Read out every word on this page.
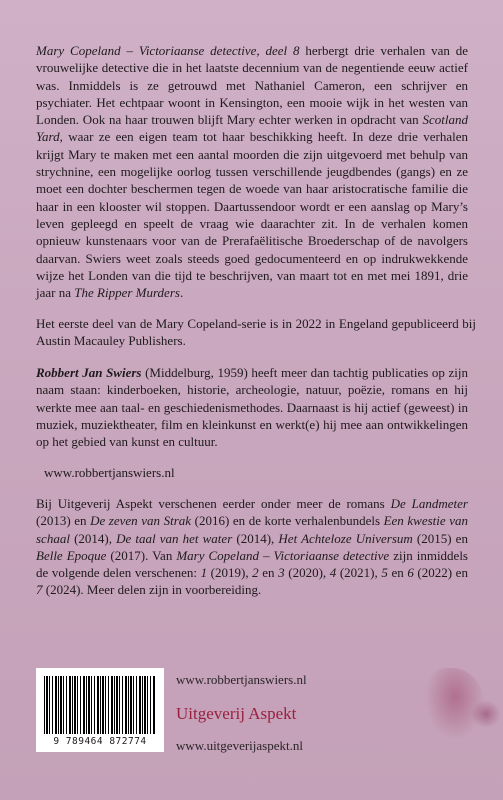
Mary Copeland – Victoriaanse detective, deel 8 herbergt drie verhalen van de vrouwelijke detective die in het laatste decennium van de negentiende eeuw actief was. Inmiddels is ze getrouwd met Nathaniel Cameron, een schrijver en psychiater. Het echtpaar woont in Kensington, een mooie wijk in het westen van Londen. Ook na haar trouwen blijft Mary echter werken in opdracht van Scotland Yard, waar ze een eigen team tot haar beschikking heeft. In deze drie verhalen krijgt Mary te maken met een aantal moorden die zijn uitgevoerd met behulp van strychnine, een mogelijke oorlog tussen verschillende jeugdbendes (gangs) en ze moet een dochter beschermen tegen de woede van haar aristocratische familie die haar in een klooster wil stoppen. Daartussendoor wordt er een aanslag op Mary’s leven gepleegd en speelt de vraag wie daarachter zit. In de verhalen komen opnieuw kunstenaars voor van de Prerafaëlitische Broederschap of de navolgers daarvan. Swiers weet zoals steeds goed gedocumenteerd en op indrukwekkende wijze het Londen van die tijd te beschrijven, van maart tot en met mei 1891, drie jaar na The Ripper Murders.
Het eerste deel van de Mary Copeland-serie is in 2022 in Engeland gepubliceerd bij Austin Macauley Publishers.
Robbert Jan Swiers (Middelburg, 1959) heeft meer dan tachtig publicaties op zijn naam staan: kinderboeken, historie, archeologie, natuur, poëzie, romans en hij werkte mee aan taal- en geschiedenismethodes. Daarnaast is hij actief (geweest) in muziek, muziektheater, film en kleinkunst en werkt(e) hij mee aan ontwikkelingen op het gebied van kunst en cultuur.
www.robbertjanswiers.nl
Bij Uitgeverij Aspekt verschenen eerder onder meer de romans De Landmeter (2013) en De zeven van Strak (2016) en de korte verhalenbundels Een kwestie van schaal (2014), De taal van het water (2014), Het Achteloze Universum (2015) en Belle Epoque (2017). Van Mary Copeland – Victoriaanse detective zijn inmiddels de volgende delen verschenen: 1 (2019), 2 en 3 (2020), 4 (2021), 5 en 6 (2022) en 7 (2024). Meer delen zijn in voorbereiding.
9 789464 872774
www.robbertjanswiers.nl
Uitgeverij Aspekt
www.uitgeverijaspekt.nl
